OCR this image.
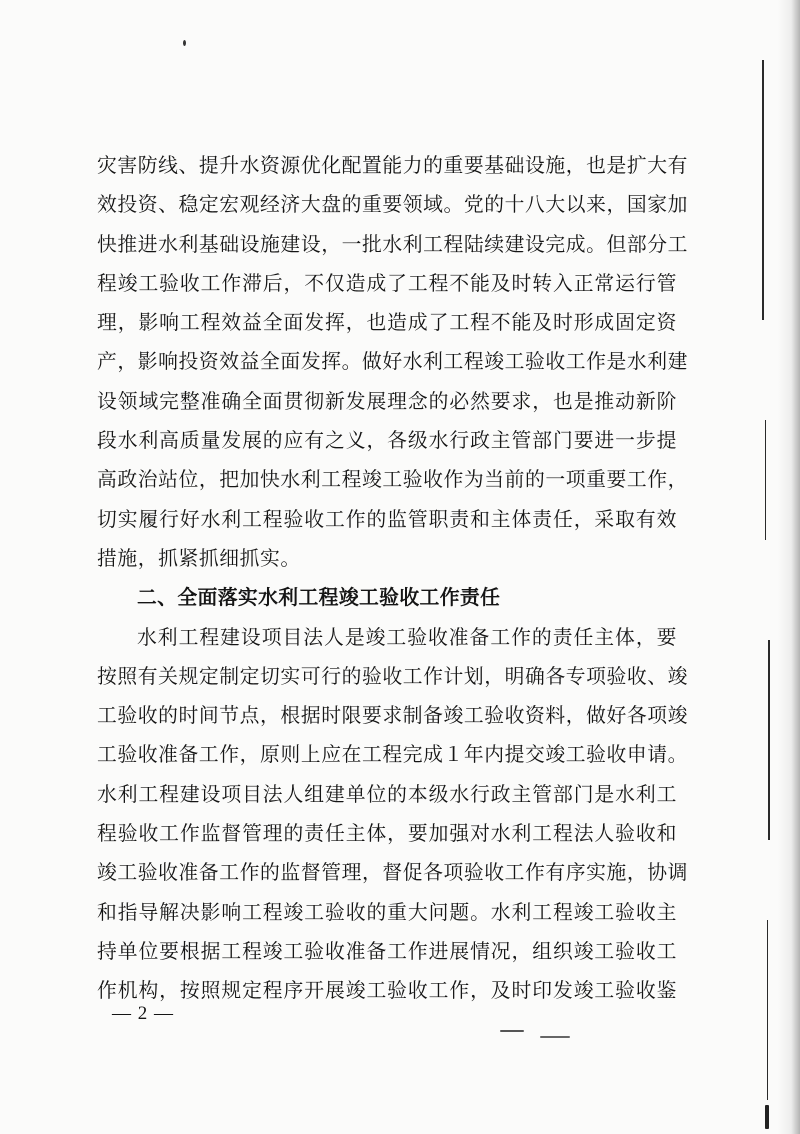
灾害防线、提升水资源优化配置能力的重要基础设施，也是扩大有
效投资、稳定宏观经济大盘的重要领域。党的十八大以来，国家加
快推进水利基础设施建设，一批水利工程陆续建设完成。但部分工
程竣工验收工作滞后，不仅造成了工程不能及时转入正常运行管
理，影响工程效益全面发挥，也造成了工程不能及时形成固定资
产，影响投资效益全面发挥。做好水利工程竣工验收工作是水利建
设领域完整准确全面贯彻新发展理念的必然要求，也是推动新阶
段水利高质量发展的应有之义，各级水行政主管部门要进一步提
高政治站位，把加快水利工程竣工验收作为当前的一项重要工作，
切实履行好水利工程验收工作的监管职责和主体责任，采取有效
措施，抓紧抓细抓实。
二、全面落实水利工程竣工验收工作责任
水利工程建设项目法人是竣工验收准备工作的责任主体，要
按照有关规定制定切实可行的验收工作计划，明确各专项验收、竣
工验收的时间节点，根据时限要求制备竣工验收资料，做好各项竣
工验收准备工作，原则上应在工程完成１年内提交竣工验收申请。
水利工程建设项目法人组建单位的本级水行政主管部门是水利工
程验收工作监督管理的责任主体，要加强对水利工程法人验收和
竣工验收准备工作的监督管理，督促各项验收工作有序实施，协调
和指导解决影响工程竣工验收的重大问题。水利工程竣工验收主
持单位要根据工程竣工验收准备工作进展情况，组织竣工验收工
作机构，按照规定程序开展竣工验收工作，及时印发竣工验收鉴
— 2 —
